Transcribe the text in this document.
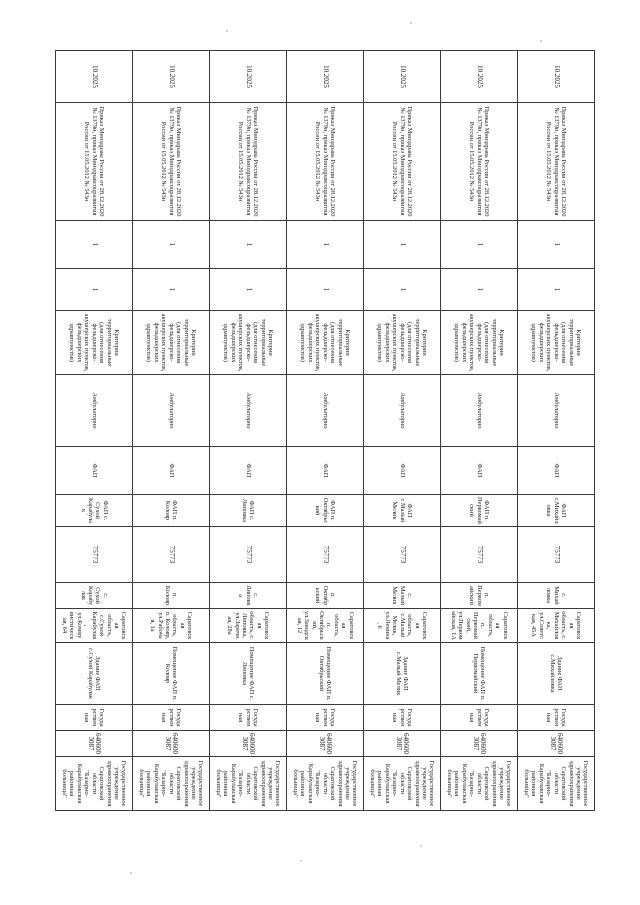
10.2025	Приказ Минздрава России от 28.12.2020 № 1379н, приказ Минздравсоцразвития России от 15.05.2012 № 543н	1	1	Критерии территориальные (для отнесения фельдшерско-акушерских пунктов, фельдшерских здравпунктов)	Амбулаторно	ФАП	ФАП с.Михайловка	75773	с. Михайловка	Саратовская область, с. Михайловка, ул.Советская, 45А	Здание ФАП с.Михайловка	Государственная	6406003087	Государственное учреждение здравоохранения Саратовской области "Базарно-Карабулакская районная больница"	
10.2025	Приказ Минздрава России от 28.12.2020 № 1379н, приказ Минздравсоцразвития России от 15.05.2012 № 543н	1	1	Критерии территориальные (для отнесения фельдшерско-акушерских пунктов, фельдшерских здравпунктов)	Амбулаторно	ФАП	ФАП п. Первомайский	75773	п. Первомайский	Саратовская область, п. Первомайский, ул.Первомайская, 1А	Помещение ФАП п. Первомайский	Государственная	6406003087	Государственное учреждение здравоохранения Саратовской области "Базарно-Карабулакская районная больница"	
10.2025	Приказ Минздрава России от 28.12.2020 № 1379н, приказ Минздравсоцразвития России от 15.05.2012 № 543н	1	1	Критерии территориальные (для отнесения фельдшерско-акушерских пунктов, фельдшерских здравпунктов)	Амбулаторно	ФАП	ФАП с.Малый Мелик	75773	с. Малый Мелик	Саратовская область, с.Малый Мелик, ул.Ленина, 6	Здание ФАП с.Малый Мелик	Государственная	6406003087	Государственное учреждение здравоохранения Саратовской области "Базарно-Карабулакская районная больница"	
10.2025	Приказ Минздрава России от 28.12.2020 № 1379н, приказ Минздравсоцразвития России от 15.05.2012 № 543н	1	1	Критерии территориальные (для отнесения фельдшерско-акушерских пунктов, фельдшерских здравпунктов)	Амбулаторно	ФАП	ФАП п. Октябрьский	75773	п. Октябрьский	Саратовская область, п. Октябрьский, ул.Заводская, 12	Помещение ФАП п. Октябрьский	Государственная	6406003087	Государственное учреждение здравоохранения Саратовской области "Базарно-Карабулакская районная больница"	
10.2025	Приказ Минздрава России от 28.12.2020 № 1379н, приказ Минздравсоцразвития России от 15.05.2012 № 543н	1	1	Критерии территориальные (для отнесения фельдшерско-акушерских пунктов, фельдшерских здравпунктов)	Амбулаторно	ФАП	ФАП с. Липовка	75773	с. Липовка	Саратовская область, с. Липовка, ул.Заречная, 28а	Помещение ФАП с. Липовка	Государственная	6406003087	Государственное учреждение здравоохранения Саратовской области "Базарно-Карабулакская районная больница"	
10.2025	Приказ Минздрава России от 28.12.2020 № 1379н, приказ Минздравсоцразвития России от 15.05.2012 № 543н	1	1	Критерии территориальные (для отнесения фельдшерско-акушерских пунктов, фельдшерских здравпунктов)	Амбулаторно	ФАП	ФАП п. Колояр	75773	п. Колояр	Саратовская область, п. Колояр, ул.Рабочая, 1а	Помещение ФАП п. Колояр	Государственная	6406003087	Государственное учреждение здравоохранения Саратовской области "Базарно-Карабулакская районная больница"	
10.2025	Приказ Минздрава России от 28.12.2020 № 1379н, приказ Минздравсоцразвития России от 15.05.2012 № 543н	1	1	Критерии территориальные (для отнесения фельдшерско-акушерских пунктов, фельдшерских здравпунктов)	Амбулаторно	ФАП	ФАП с. Сухой Карабулак	75773	с. Сухой Карабулак	Саратовская область, с.Сухой Карабулак, ул.Коммунистическая, 64	Здание ФАП с.Сухой Карабулак	Государственная	6406003087	Государственное учреждение здравоохранения Саратовской области "Базарно-Карабулакская районная больница"	
